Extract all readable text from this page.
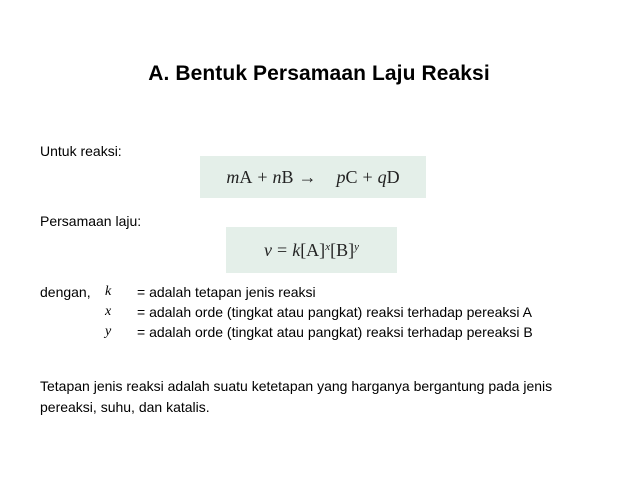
A. Bentuk Persamaan Laju Reaksi
Untuk reaksi:
m A + n B → p C + q D
Persamaan laju:
v = k $[A]^x$ $[B]^y$
dengan,	k = adalah tetapan jenis reaksi
x = adalah orde (tingkat atau pangkat) reaksi terhadap pereaksi A
y = adalah orde (tingkat atau pangkat) reaksi terhadap pereaksi B
Tetapan jenis reaksi adalah suatu ketetapan yang harganya bergantung pada jenis pereaksi, suhu, dan katalis.
